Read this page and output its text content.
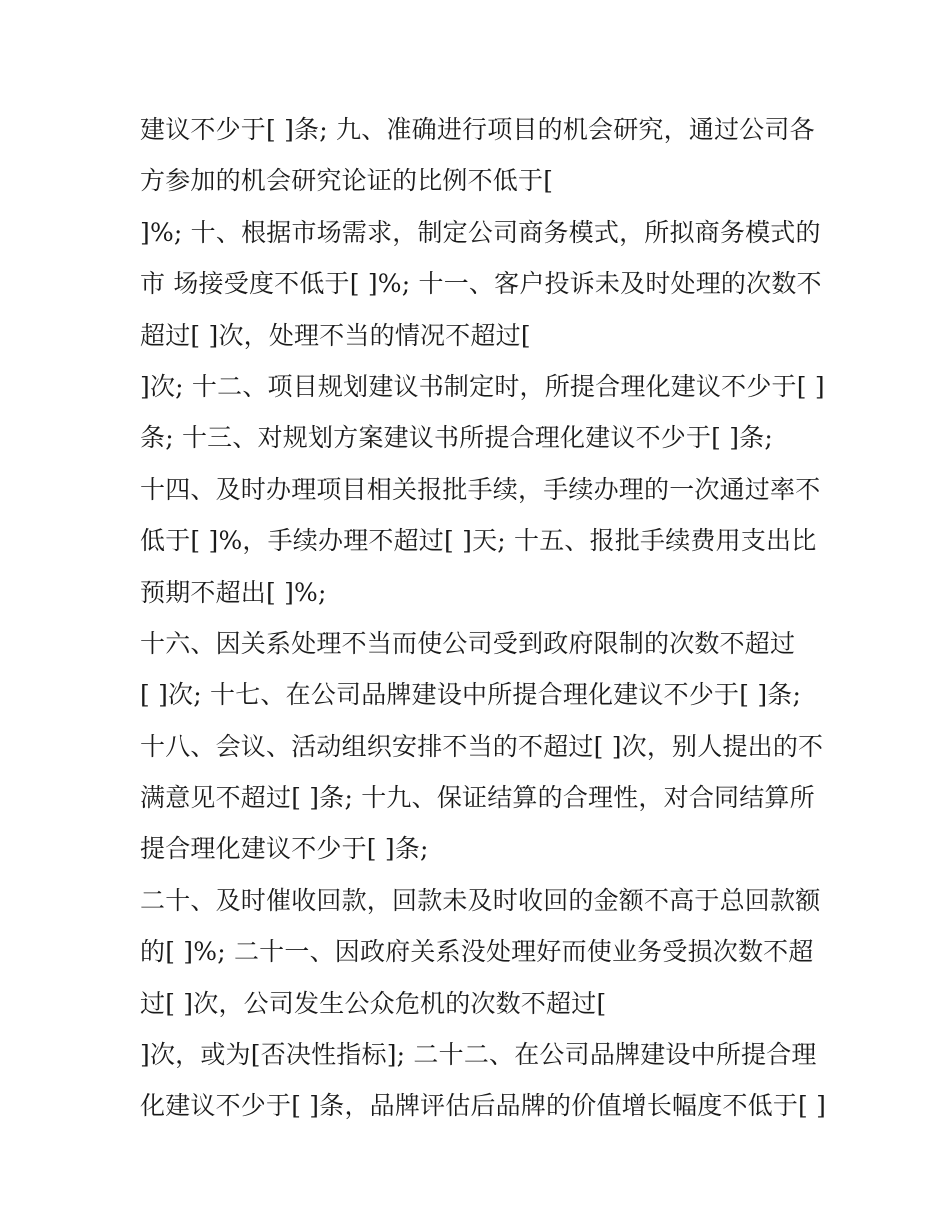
建议不少于[ ]条; 九、准确进行项目的机会研究，通过公司各
方参加的机会研究论证的比例不低于[
]%; 十、根据市场需求，制定公司商务模式，所拟商务模式的
市 场接受度不低于[ ]%; 十一、客户投诉未及时处理的次数不
超过[ ]次，处理不当的情况不超过[
]次; 十二、项目规划建议书制定时，所提合理化建议不少于[ ]
条; 十三、对规划方案建议书所提合理化建议不少于[ ]条;
十四、及时办理项目相关报批手续，手续办理的一次通过率不
低于[ ]%，手续办理不超过[ ]天; 十五、报批手续费用支出比
预期不超出[ ]%;
十六、因关系处理不当而使公司受到政府限制的次数不超过
[ ]次; 十七、在公司品牌建设中所提合理化建议不少于[ ]条;
十八、会议、活动组织安排不当的不超过[ ]次，别人提出的不
满意见不超过[ ]条; 十九、保证结算的合理性，对合同结算所
提合理化建议不少于[ ]条;
二十、及时催收回款，回款未及时收回的金额不高于总回款额
的[ ]%; 二十一、因政府关系没处理好而使业务受损次数不超
过[ ]次，公司发生公众危机的次数不超过[
]次，或为[否决性指标]; 二十二、在公司品牌建设中所提合理
化建议不少于[ ]条，品牌评估后品牌的价值增长幅度不低于[ ]
